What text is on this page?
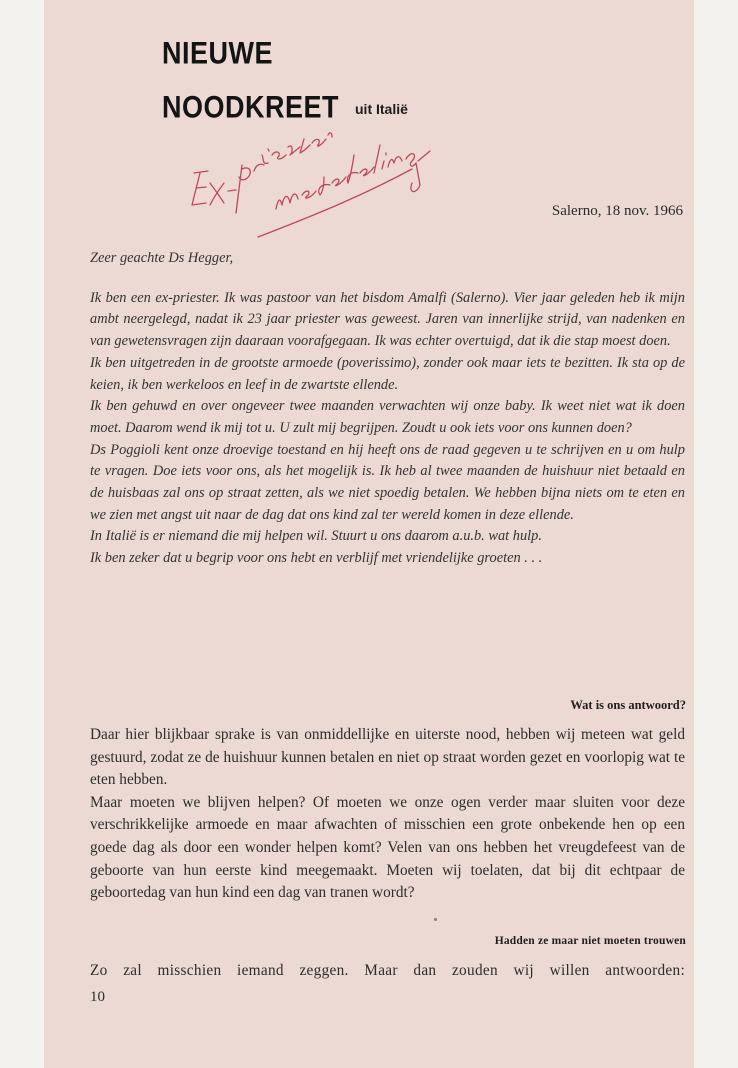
NIEUWE
NOODKREET uit Italië
Salerno, 18 nov. 1966

Zeer geachte Ds Hegger,

Ik ben een ex-priester. Ik was pastoor van het bisdom Amalfi (Salerno). Vier jaar geleden heb ik mijn ambt neergelegd, nadat ik 23 jaar priester was geweest. Jaren van innerlijke strijd, van nadenken en van gewetensvragen zijn daaraan voorafgegaan. Ik was echter overtuigd, dat ik die stap moest doen.

Ik ben uitgetreden in de grootste armoede (poverissimo), zonder ook maar iets te bezitten. Ik sta op de keien, ik ben werkeloos en leef in de zwartste ellende.

Ik ben gehuwd en over ongeveer twee maanden verwachten wij onze baby. Ik weet niet wat ik doen moet. Daarom wend ik mij tot u. U zult mij begrijpen. Zoudt u ook iets voor ons kunnen doen?

Ds Poggioli kent onze droevige toestand en hij heeft ons de raad gegeven u te schrijven en u om hulp te vragen. Doe iets voor ons, als het mogelijk is. Ik heb al twee maanden de huishuur niet betaald en de huisbaas zal ons op straat zetten, als we niet spoedig betalen. We hebben bijna niets om te eten en we zien met angst uit naar de dag dat ons kind zal ter wereld komen in deze ellende.

In Italië is er niemand die mij helpen wil. Stuurt u ons daarom a.u.b. wat hulp.

Ik ben zeker dat u begrip voor ons hebt en verblijf met vriendelijke groeten . . .

Wat is ons antwoord?

Daar hier blijkbaar sprake is van onmiddellijke en uiterste nood, hebben wij meteen wat geld gestuurd, zodat ze de huishuur kunnen betalen en niet op straat worden gezet en voorlopig wat te eten hebben.

Maar moeten we blijven helpen? Of moeten we onze ogen verder maar sluiten voor deze verschrikkelijke armoede en maar afwachten of misschien een grote onbekende hen op een goede dag als door een wonder helpen komt? Velen van ons hebben het vreugdefeest van de geboorte van hun eerste kind meegemaakt. Moeten wij toelaten, dat bij dit echtpaar de geboortedag van hun kind een dag van tranen wordt?

Hadden ze maar niet moeten trouwen
Zo zal misschien iemand zeggen. Maar dan zouden wij willen antwoorden:
10
